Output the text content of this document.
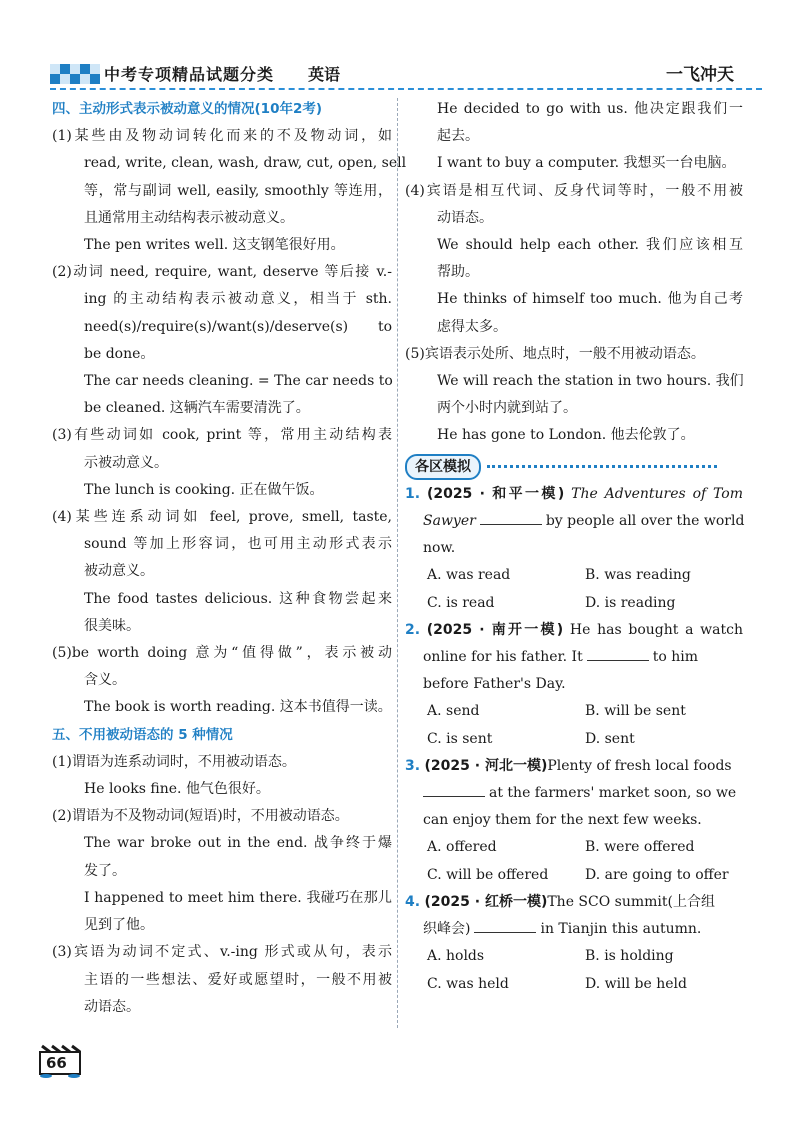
中考专项精品试题分类 英语	一飞冲天
四、主动形式表示被动意义的情况(10年2考)
(1)某些由及物动词转化而来的不及物动词，如
read, write, clean, wash, draw, cut, open, sell
等，常与副词 well, easily, smoothly 等连用，
且通常用主动结构表示被动意义。
The pen writes well. 这支钢笔很好用。
(2)动词 need, require, want, deserve 等后接 v.-
ing 的主动结构表示被动意义，相当于 sth.
need(s)/require(s)/want(s)/deserve(s) to
be done。
The car needs cleaning. = The car needs to
be cleaned. 这辆汽车需要清洗了。
(3)有些动词如 cook, print 等，常用主动结构表
示被动意义。
The lunch is cooking. 正在做午饭。
(4)某些连系动词如 feel, prove, smell, taste,
sound 等加上形容词，也可用主动形式表示
被动意义。
The food tastes delicious. 这种食物尝起来
很美味。
(5)be worth doing 意为“值得做”，表示被动
含义。
The book is worth reading. 这本书值得一读。
五、不用被动语态的 5 种情况
(1)谓语为连系动词时，不用被动语态。
He looks fine. 他气色很好。
(2)谓语为不及物动词(短语)时，不用被动语态。
The war broke out in the end. 战争终于爆
发了。
I happened to meet him there. 我碰巧在那儿
见到了他。
(3)宾语为动词不定式、v.-ing 形式或从句，表示
主语的一些想法、爱好或愿望时，一般不用被
动语态。
He decided to go with us. 他决定跟我们一
起去。
I want to buy a computer. 我想买一台电脑。
(4)宾语是相互代词、反身代词等时，一般不用被
动语态。
We should help each other. 我们应该相互
帮助。
He thinks of himself too much. 他为自己考
虑得太多。
(5)宾语表示处所、地点时，一般不用被动语态。
We will reach the station in two hours. 我们
两个小时内就到站了。
He has gone to London. 他去伦敦了。
各区模拟
1. (2025 · 和平一模) The Adventures of Tom
Sawyer	by people all over the world
now.
A. was read	B. was reading
C. is read	D. is reading
2. (2025 · 南开一模) He has bought a watch
online for his father. It	to him
before Father's Day.
A. send	B. will be sent
C. is sent	D. sent
3. (2025 · 河北一模)Plenty of fresh local foods
at the farmers' market soon, so we
can enjoy them for the next few weeks.
A. offered	B. were offered
C. will be offered	D. are going to offer
4. (2025 · 红桥一模)The SCO summit(上合组
织峰会)	in Tianjin this autumn.
A. holds	B. is holding
C. was held	D. will be held
66
